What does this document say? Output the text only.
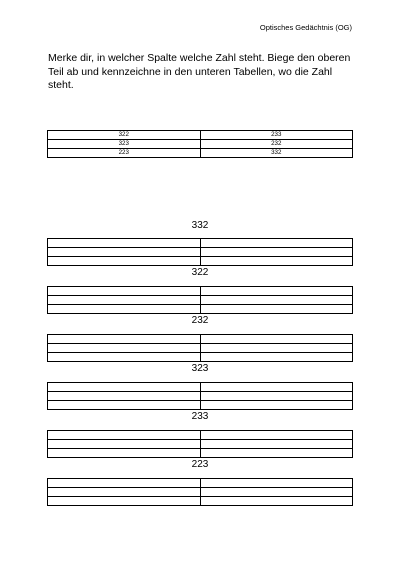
Optisches Gedächtnis (OG)
Merke dir, in welcher Spalte welche Zahl steht. Biege den oberen Teil ab und kennzeichne in den unteren Tabellen, wo die Zahl steht.
322	233
323	232
223	332
332

322

232

323

233

223
